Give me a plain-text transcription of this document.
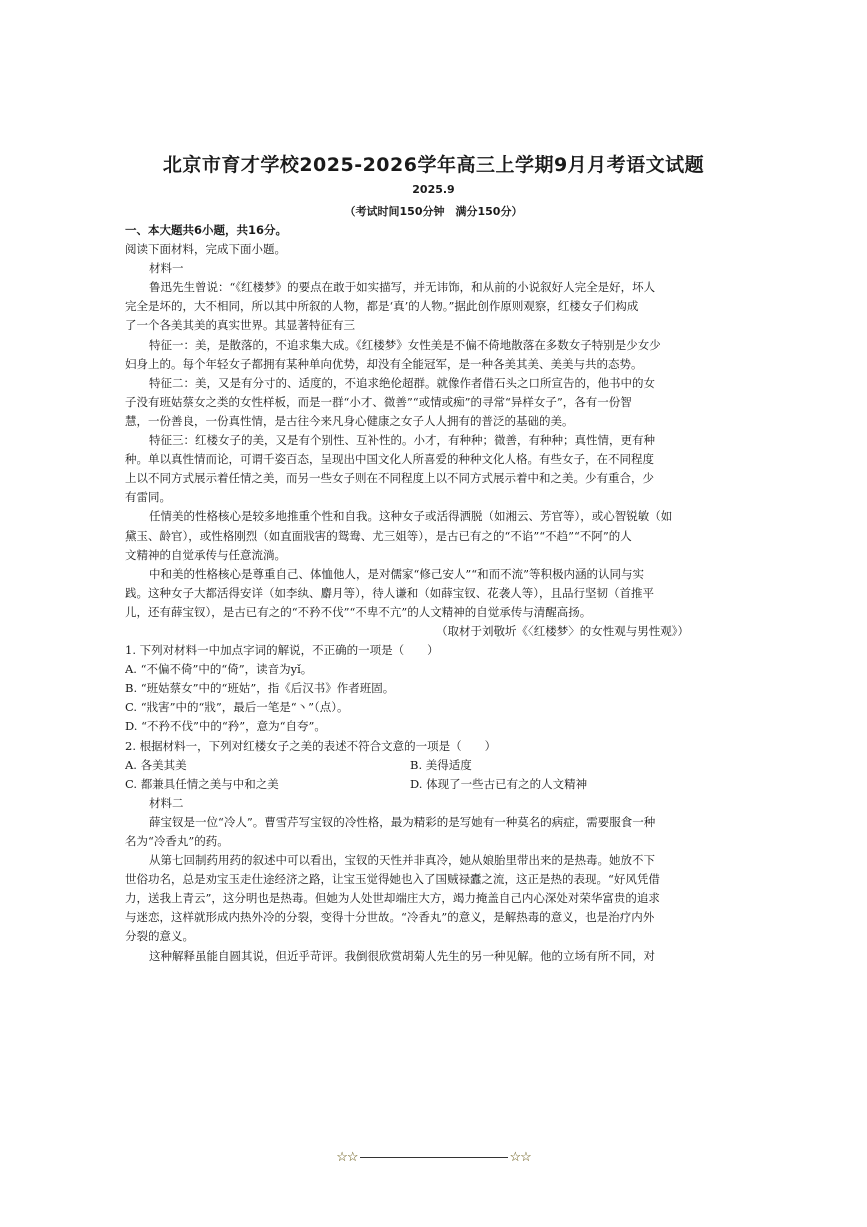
北京市育才学校2025-2026学年高三上学期9月月考语文试题
2025.9
（考试时间150分钟　满分150分）
一、本大题共6小题，共16分。
阅读下面材料，完成下面小题。
材料一
鲁迅先生曾说：“《红楼梦》的要点在敢于如实描写，并无讳饰，和从前的小说叙好人完全是好，坏人
完全是坏的，大不相同，所以其中所叙的人物，都是‘真’的人物。”据此创作原则观察，红楼女子们构成
了一个各美其美的真实世界。其显著特征有三
特征一：美，是散落的，不追求集大成。《红楼梦》女性美是不偏不倚地散落在多数女子特别是少女少
妇身上的。每个年轻女子都拥有某种单向优势，却没有全能冠军，是一种各美其美、美美与共的态势。
特征二：美，又是有分寸的、适度的，不追求绝伦超群。就像作者借石头之口所宣告的，他书中的女
子没有班姑蔡女之类的女性样板，而是一群“小才、微善”“或情或痴”的寻常“异样女子”，各有一份智
慧，一份善良，一份真性情，是古往今来凡身心健康之女子人人拥有的普泛的基础的美。
特征三：红楼女子的美，又是有个别性、互补性的。小才，有种种；微善，有种种；真性情，更有种
种。单以真性情而论，可谓千姿百态，呈现出中国文化人所喜爱的种种文化人格。有些女子，在不同程度
上以不同方式展示着任情之美，而另一些女子则在不同程度上以不同方式展示着中和之美。少有重合，少
有雷同。
任情美的性格核心是较多地推重个性和自我。这种女子或活得洒脱（如湘云、芳官等），或心智锐敏（如
黛玉、龄官），或性格刚烈（如直面戕害的鸳鸯、尤三姐等），是古已有之的“不谄”“不趋”“不阿”的人
文精神的自觉承传与任意流淌。
中和美的性格核心是尊重自己、体恤他人，是对儒家“修己安人”“和而不流”等积极内涵的认同与实
践。这种女子大都活得安详（如李纨、麝月等），待人谦和（如薛宝钗、花袭人等），且品行坚韧（首推平
儿，还有薛宝钗），是古已有之的“不矜不伐”“不卑不亢”的人文精神的自觉承传与清醒高扬。
（取材于刘敬圻《〈红楼梦〉的女性观与男性观》）
1. 下列对材料一中加点字词的解说，不正确的一项是（　　）
A. “不偏不倚”中的“倚”，读音为yǐ。
B. “班姑蔡女”中的“班姑”，指《后汉书》作者班固。
C. “戕害”中的“戕”，最后一笔是“丶”（点）。
D. “不矜不伐”中的“矜”，意为“自夸”。
2. 根据材料一，下列对红楼女子之美的表述不符合文意的一项是（　　）
A. 各美其美	B. 美得适度
C. 都兼具任情之美与中和之美	D. 体现了一些古已有之的人文精神
材料二
薛宝钗是一位“冷人”。曹雪芹写宝钗的冷性格，最为精彩的是写她有一种莫名的病症，需要服食一种
名为“冷香丸”的药。
从第七回制药用药的叙述中可以看出，宝钗的天性并非真冷，她从娘胎里带出来的是热毒。她放不下
世俗功名，总是劝宝玉走仕途经济之路，让宝玉觉得她也入了国贼禄蠹之流，这正是热的表现。“好风凭借
力，送我上青云”，这分明也是热毒。但她为人处世却端庄大方，竭力掩盖自己内心深处对荣华富贵的追求
与迷恋，这样就形成内热外冷的分裂，变得十分世故。“冷香丸”的意义，是解热毒的意义，也是治疗内外
分裂的意义。
这种解释虽能自圆其说，但近乎苛评。我倒很欣赏胡菊人先生的另一种见解。他的立场有所不同，对
☆☆	☆☆
